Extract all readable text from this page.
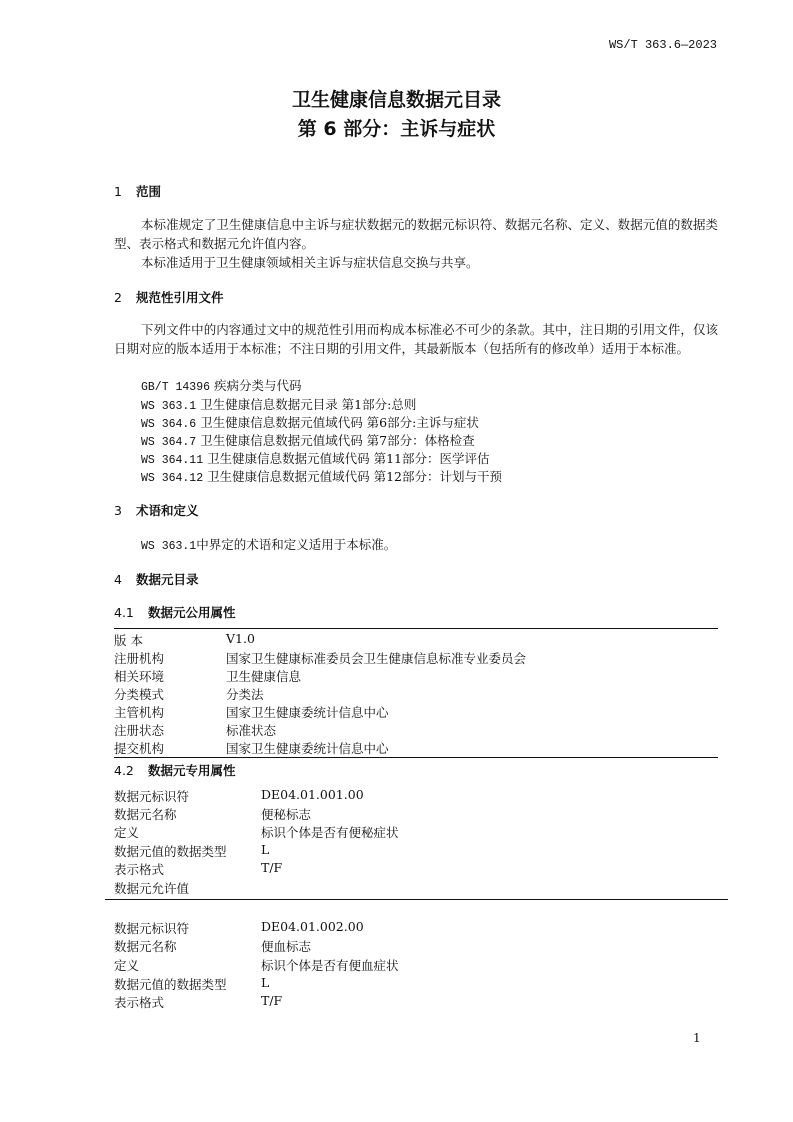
WS/T 363.6—2023
卫生健康信息数据元目录
第 6 部分：主诉与症状
1 范围
本标准规定了卫生健康信息中主诉与症状数据元的数据元标识符、数据元名称、定义、数据元值的数据类型、表示格式和数据元允许值内容。
本标准适用于卫生健康领域相关主诉与症状信息交换与共享。
2 规范性引用文件
下列文件中的内容通过文中的规范性引用而构成本标准必不可少的条款。其中，注日期的引用文件，仅该日期对应的版本适用于本标准；不注日期的引用文件，其最新版本（包括所有的修改单）适用于本标准。
GB/T 14396 疾病分类与代码
WS 363.1 卫生健康信息数据元目录 第1部分:总则
WS 364.6 卫生健康信息数据元值域代码 第6部分:主诉与症状
WS 364.7 卫生健康信息数据元值域代码 第7部分：体格检查
WS 364.11 卫生健康信息数据元值域代码 第11部分：医学评估
WS 364.12 卫生健康信息数据元值域代码 第12部分：计划与干预
3 术语和定义
WS 363.1中界定的术语和定义适用于本标准。
4 数据元目录
4.1 数据元公用属性
版 本	V1.0
注册机构	国家卫生健康标准委员会卫生健康信息标准专业委员会
相关环境	卫生健康信息
分类模式	分类法
主管机构	国家卫生健康委统计信息中心
注册状态	标准状态
提交机构	国家卫生健康委统计信息中心
4.2 数据元专用属性
数据元标识符	DE04.01.001.00
数据元名称	便秘标志
定义	标识个体是否有便秘症状
数据元值的数据类型	L
表示格式	T/F
数据元允许值
数据元标识符	DE04.01.002.00
数据元名称	便血标志
定义	标识个体是否有便血症状
数据元值的数据类型	L
表示格式	T/F
1
